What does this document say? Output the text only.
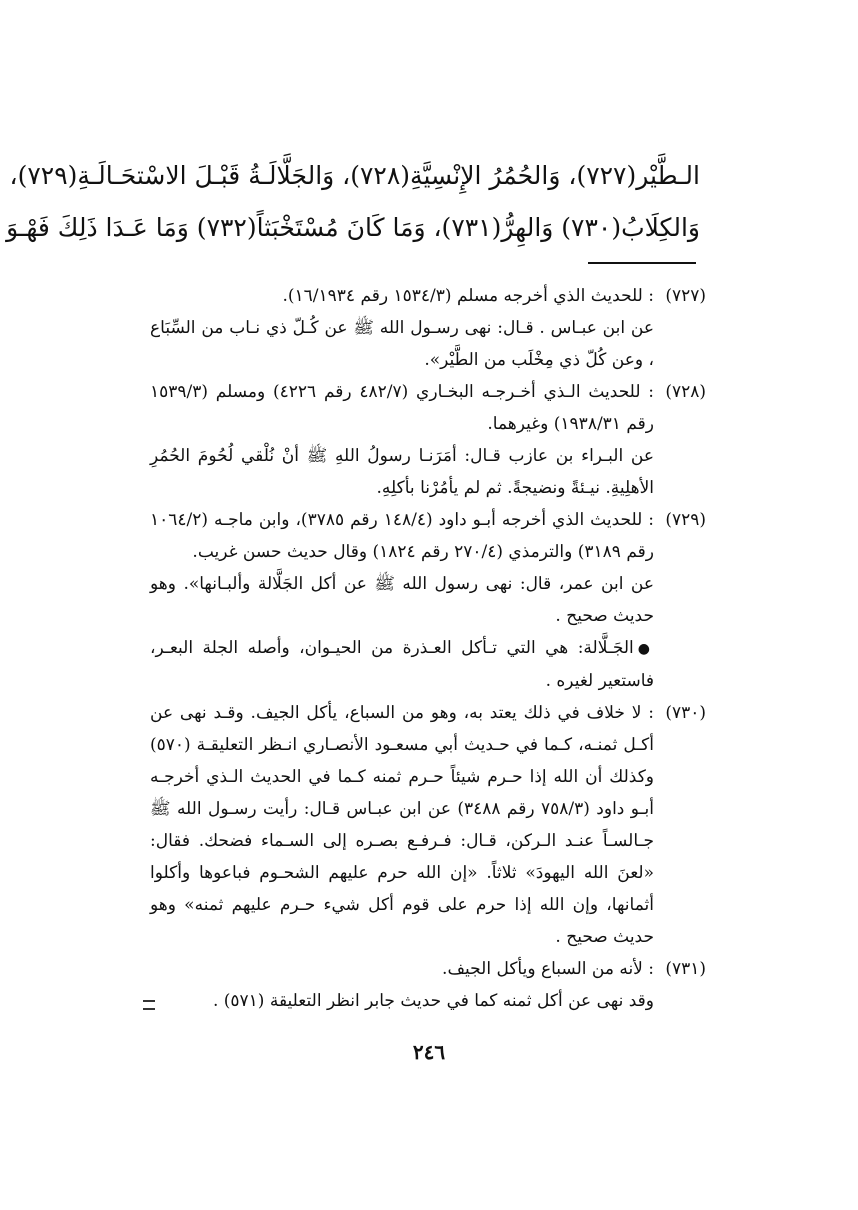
الـطَّيْر(٧٢٧)، وَالحُمُرُ الإِنْسِيَّةِ(٧٢٨)، وَالجَلَّالَـةُ قَبْـلَ الاسْتحَـالَـةِ(٧٢٩)،
وَالكِلَابُ(٧٣٠) وَالهِرُّ(٧٣١)، وَمَا كَانَ مُسْتَخْبَثاً(٧٣٢) وَمَا عَـدَا ذَلِكَ فَهْـوَ
(٧٢٧)

: للحديث الذي أخرجه مسلم (١٥٣٤/٣ رقم ١٦/١٩٣٤).

عن ابن عبـاس . قـال: نهى رسـول الله ﷺ عن كُـلّ ذي نـاب من السِّبَاع ، وعن كُلّ ذي مِخْلَب من الطَّيْر».

(٧٢٨)

: للحديث الـذي أخـرجـه البخـاري (٤٨٢/٧ رقم ٤٢٢٦) ومسلم (١٥٣٩/٣ رقم ١٩٣٨/٣١) وغيرهما.

عن البـراء بن عازب قـال: أمَرَنـا رسولُ اللهِ ﷺ أنْ نُلْقي لُحُومَ الحُمُرِ الأهلِيةِ. نيـئةً ونضيجةً. ثم لم يأمُرْنا بأكلِهِ.

(٧٢٩)

: للحديث الذي أخرجه أبـو داود (١٤٨/٤ رقم ٣٧٨٥)، وابن ماجـه (١٠٦٤/٢ رقم ٣١٨٩) والترمذي (٢٧٠/٤ رقم ١٨٢٤) وقال حديث حسن غريب.

عن ابن عمر، قال: نهى رسول الله ﷺ عن أكل الجَلَّالة وألبـانها». وهو حديث صحيح .

●الجَـلَّالة: هي التي تـأكل العـذرة من الحيـوان، وأصله الجلة البعـر، فاستعير لغيره .

(٧٣٠)

: لا خلاف في ذلك يعتد به، وهو من السباع، يأكل الجيف. وقـد نهى عن أكـل ثمنـه، كـما في حـديث أبي مسعـود الأنصـاري انـظر التعليقـة (٥٧٠) وكذلك أن الله إذا حـرم شيئاً حـرم ثمنه كـما في الحديث الـذي أخرجـه أبـو داود (٧٥٨/٣ رقم ٣٤٨٨) عن ابن عبـاس قـال: رأيت رسـول الله ﷺ جـالسـاً عنـد الـركن، قـال: فـرفـع بصـره إلى السـماء فضحك. فقال: «لعنَ الله اليهودَ» ثلاثاً. «إن الله حرم عليهم الشحـوم فباعوها وأكلوا أثمانها، وإن الله إذا حرم على قوم أكل شيء حـرم عليهم ثمنه» وهو حديث صحيح .

(٧٣١)

: لأنه من السباع ويأكل الجيف.

وقد نهى عن أكل ثمنه كما في حديث جابر انظر التعليقة (٥٧١) .

٢٤٦
